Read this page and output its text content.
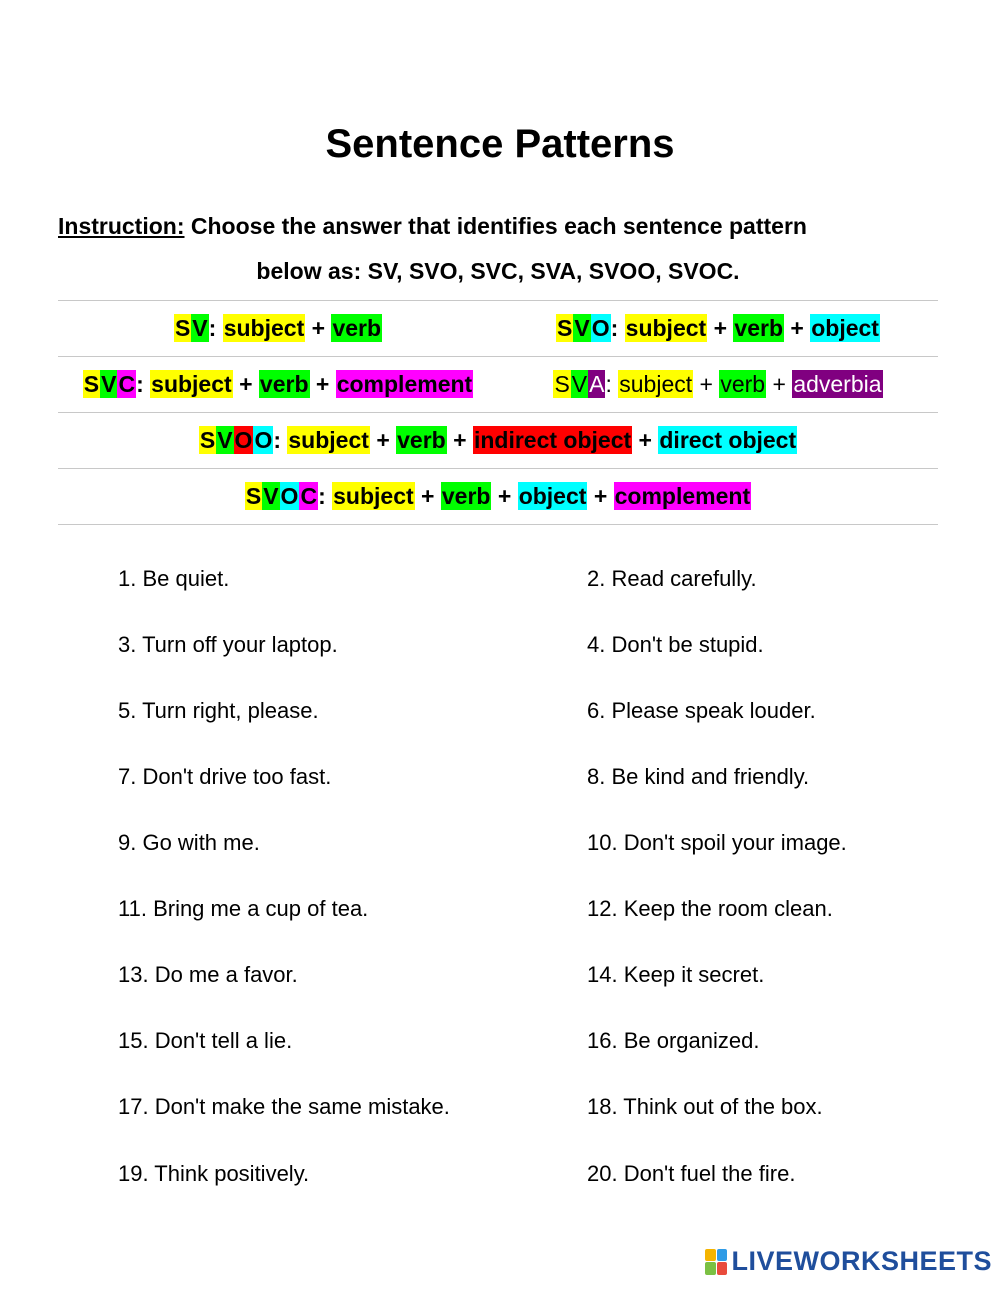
Sentence Patterns
Instruction: Choose the answer that identifies each sentence pattern
below as: SV, SVO, SVC, SVA, SVOO, SVOC.
SV: subject + verb	SVO: subject + verb + object
SVC: subject + verb + complement	SVA: subject + verb + adverbia
SVOO: subject + verb + indirect object + direct object
SVOC: subject + verb + object + complement
1. Be quiet.	2. Read carefully.
3. Turn off your laptop.	4. Don't be stupid.
5. Turn right, please.	6. Please speak louder.
7. Don't drive too fast.	8. Be kind and friendly.
9. Go with me.	10. Don't spoil your image.
11. Bring me a cup of tea.	12. Keep the room clean.
13. Do me a favor.	14. Keep it secret.
15. Don't tell a lie.	16. Be organized.
17. Don't make the same mistake.	18. Think out of the box.
19. Think positively.	20. Don't fuel the fire.
LIVEWORKSHEETS
